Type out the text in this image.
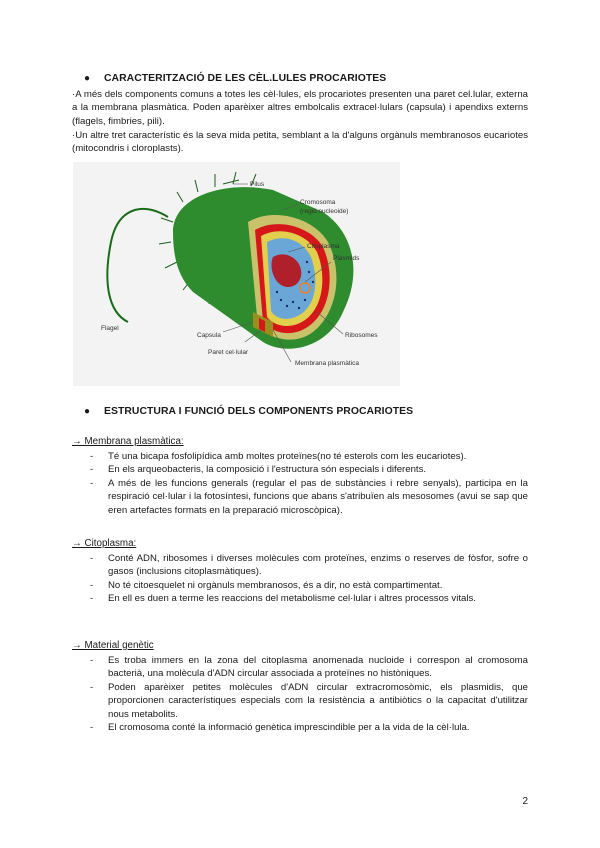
● CARACTERITZACIÓ DE LES CÈL.LULES PROCARIOTES
·A més dels components comuns a totes les cèl·lules, els procariotes presenten una paret cel.lular, externa a la membrana plasmàtica. Poden aparèixer altres embolcalis extracel·lulars (capsula) i apendixs externs (flagels, fimbries, pili).
·Un altre tret característic és la seva mida petita, semblant a la d'alguns orgànuls membranosos eucariotes (mitocondris i cloroplasts).
Pilus
Cromosoma
(regió nucleoide)
Citoplasma
Plàsmids
Flagel
Capsula
Paret cel·lular
Ribosomes
Membrana plasmàtica
● ESTRUCTURA I FUNCIÓ DELS COMPONENTS PROCARIOTES
→ Membrana plasmàtica:
- Té una bicapa fosfolipídica amb moltes proteïnes(no té esterols com les eucariotes).
- En els arqueobacteris, la composició i l'estructura són especials i diferents.
- A més de les funcions generals (regular el pas de substàncies i rebre senyals), participa en la respiració cel·lular i la fotosíntesi, funcions que abans s'atribuïen als mesosomes (avui se sap que eren artefactes formats en la preparació microscòpica).
→ Citoplasma:
- Conté ADN, ribosomes i diverses molècules com proteïnes, enzims o reserves de fòsfor, sofre o gasos (inclusions citoplasmàtiques).
- No té citoesquelet ni orgànuls membranosos, és a dir, no està compartimentat.
- En ell es duen a terme les reaccions del metabolisme cel·lular i altres processos vitals.
→ Material genètic
- Es troba immers en la zona del citoplasma anomenada nucloide i correspon al cromosoma bacterià, una molècula d'ADN circular associada a proteïnes no històniques.
- Poden aparèixer petites molècules d'ADN circular extracromosòmic, els plasmidis, que proporcionen característiques especials com la resistència a antibiòtics o la capacitat d'utilitzar nous metabolits.
- El cromosoma conté la informació genètica imprescindible per a la vida de la cèl·lula.
2
